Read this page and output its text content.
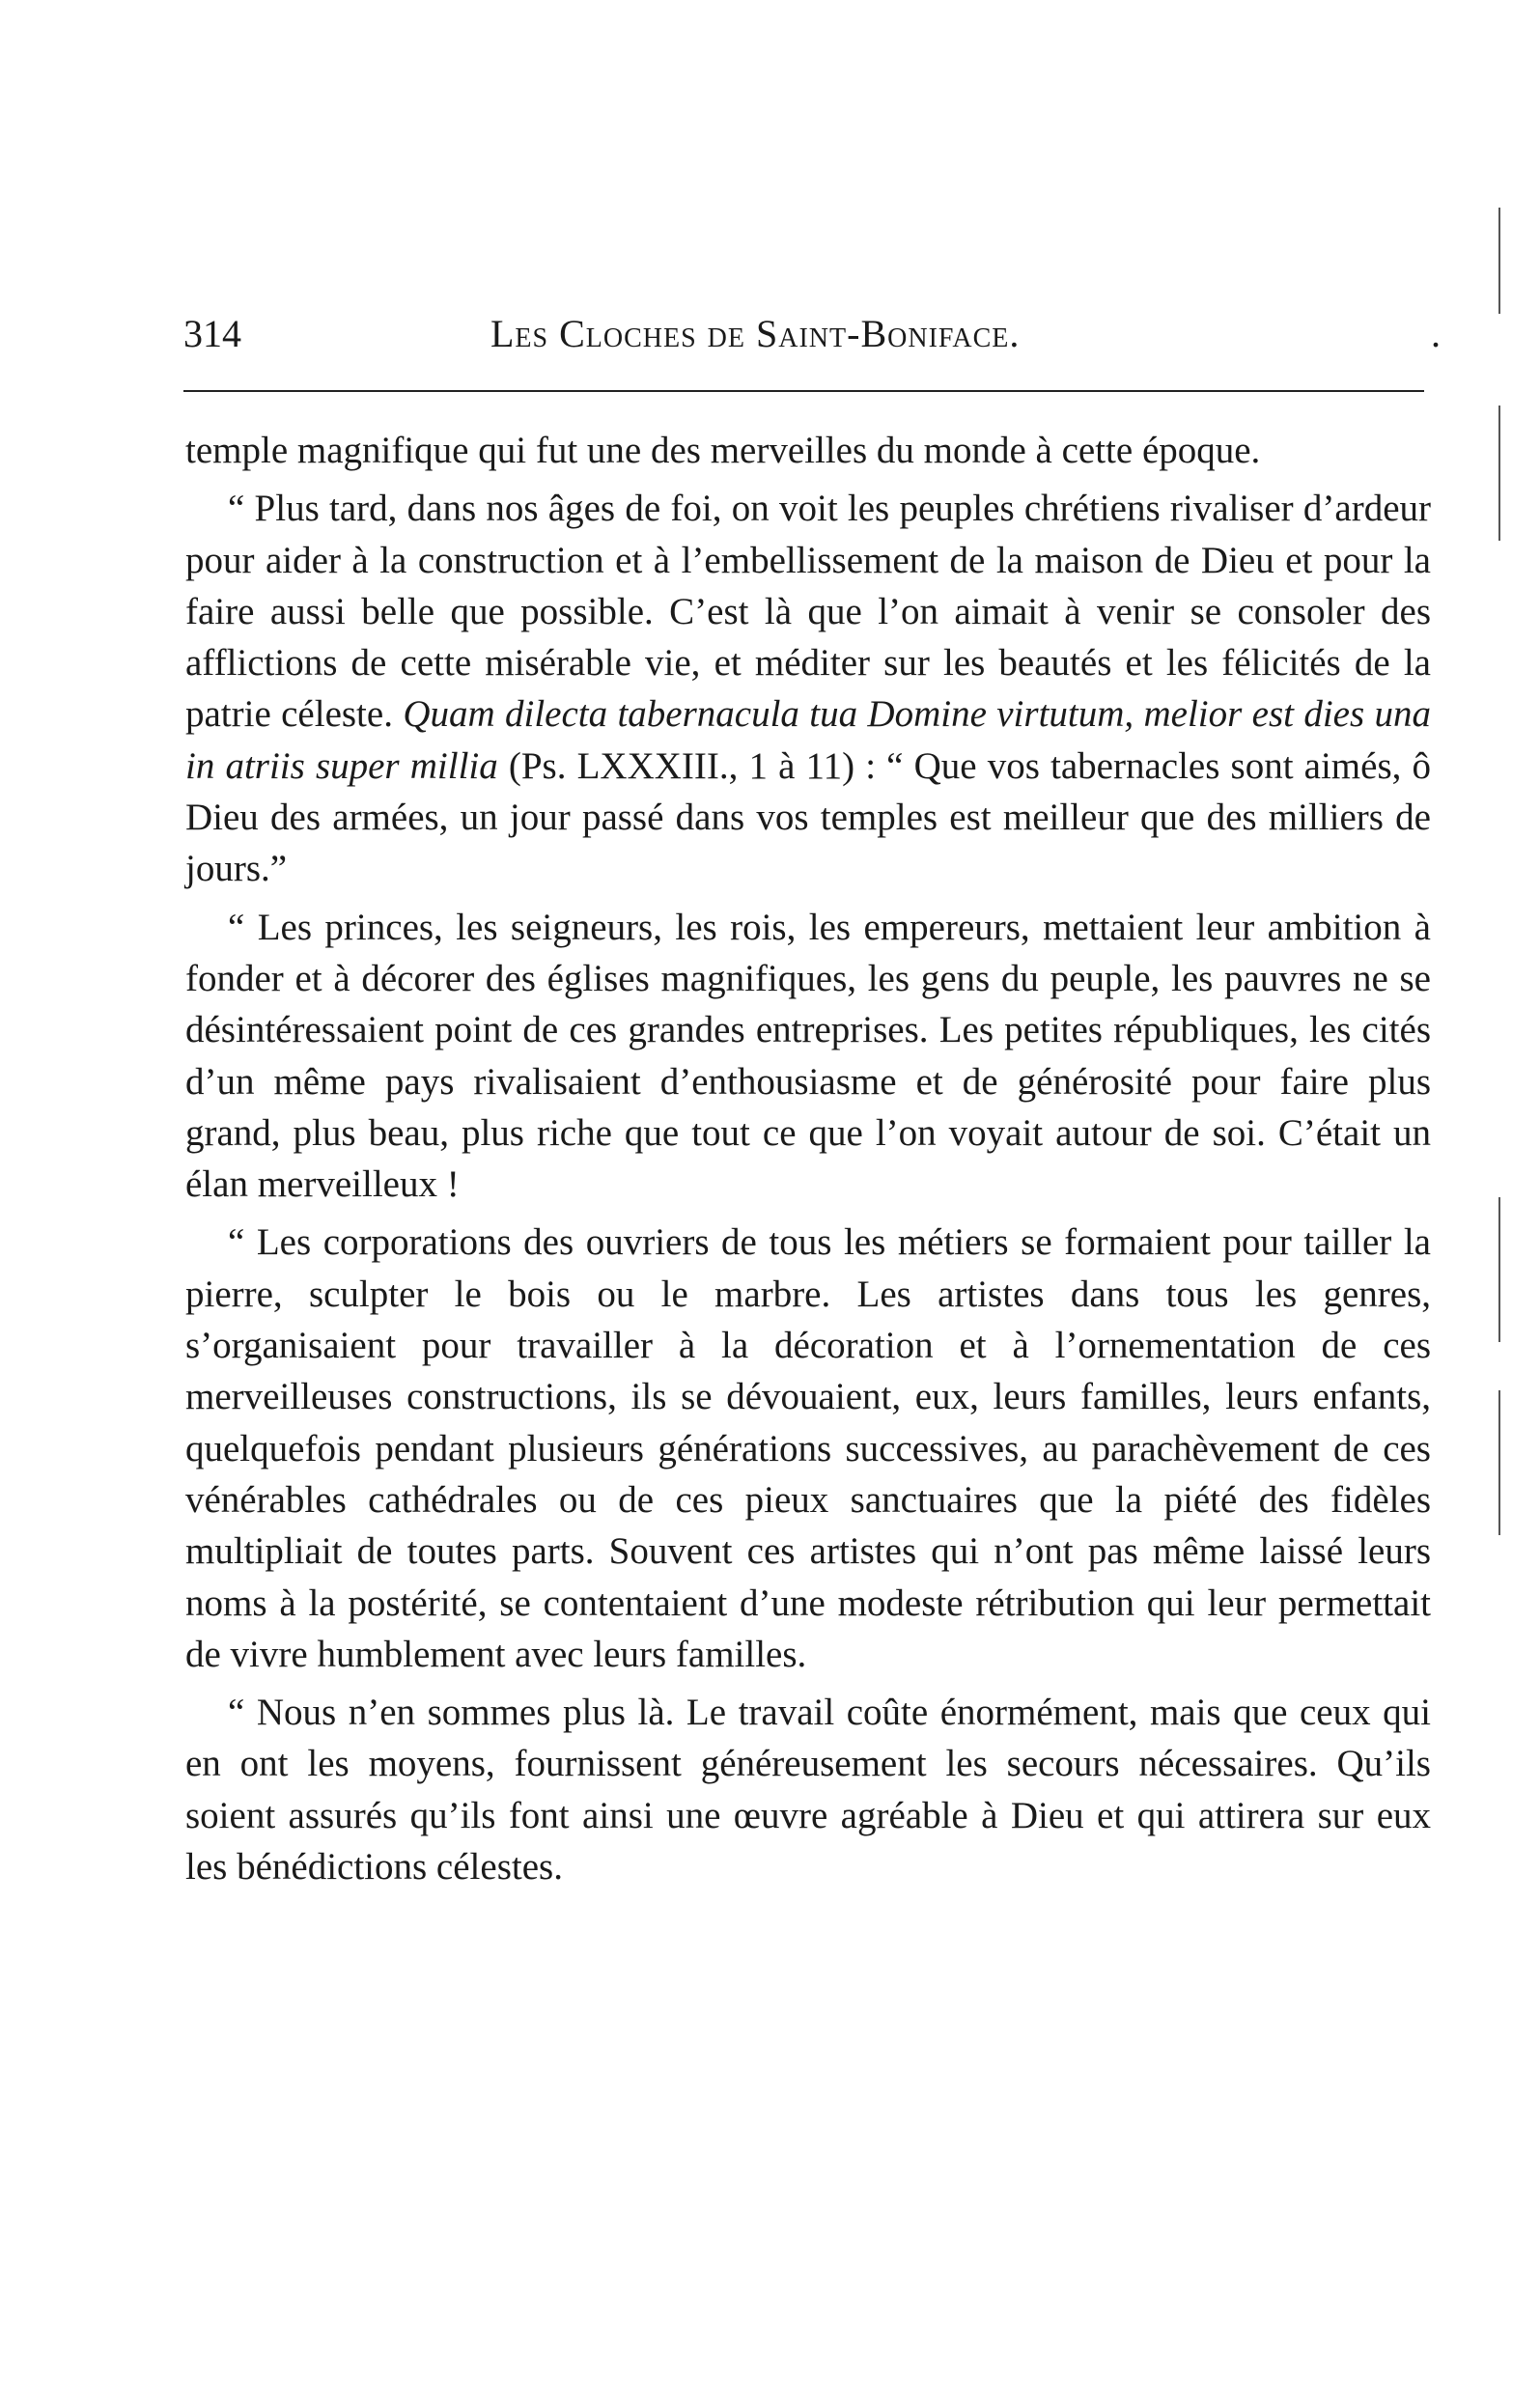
314	Les Cloches de Saint-Boniface.	.

temple magnifique qui fut une des merveilles du monde à cette époque.

“ Plus tard, dans nos âges de foi, on voit les peuples chrétiens rivaliser d’ardeur pour aider à la construction et à l’embellissement de la maison de Dieu et pour la faire aussi belle que possible. C’est là que l’on aimait à venir se consoler des afflictions de cette misérable vie, et méditer sur les beautés et les félicités de la patrie céleste. Quam dilecta tabernacula tua Domine virtutum, melior est dies una in atriis super millia (Ps. LXXXIII., 1 à 11) : “ Que vos tabernacles sont aimés, ô Dieu des armées, un jour passé dans vos temples est meilleur que des milliers de jours.”

“ Les princes, les seigneurs, les rois, les empereurs, mettaient leur ambition à fonder et à décorer des églises magnifiques, les gens du peuple, les pauvres ne se désintéressaient point de ces grandes entreprises. Les petites républiques, les cités d’un même pays rivalisaient d’enthousiasme et de générosité pour faire plus grand, plus beau, plus riche que tout ce que l’on voyait autour de soi. C’était un élan merveilleux !

“ Les corporations des ouvriers de tous les métiers se formaient pour tailler la pierre, sculpter le bois ou le marbre. Les artistes dans tous les genres, s’organisaient pour travailler à la décoration et à l’ornementation de ces merveilleuses constructions, ils se dévouaient, eux, leurs familles, leurs enfants, quelquefois pendant plusieurs générations successives, au parachèvement de ces vénérables cathédrales ou de ces pieux sanctuaires que la piété des fidèles multipliait de toutes parts. Souvent ces artistes qui n’ont pas même laissé leurs noms à la postérité, se contentaient d’une modeste rétribution qui leur permettait de vivre humblement avec leurs familles.

“ Nous n’en sommes plus là. Le travail coûte énormément, mais que ceux qui en ont les moyens, fournissent généreusement les secours nécessaires. Qu’ils soient assurés qu’ils font ainsi une œuvre agréable à Dieu et qui attirera sur eux les bénédictions célestes.
